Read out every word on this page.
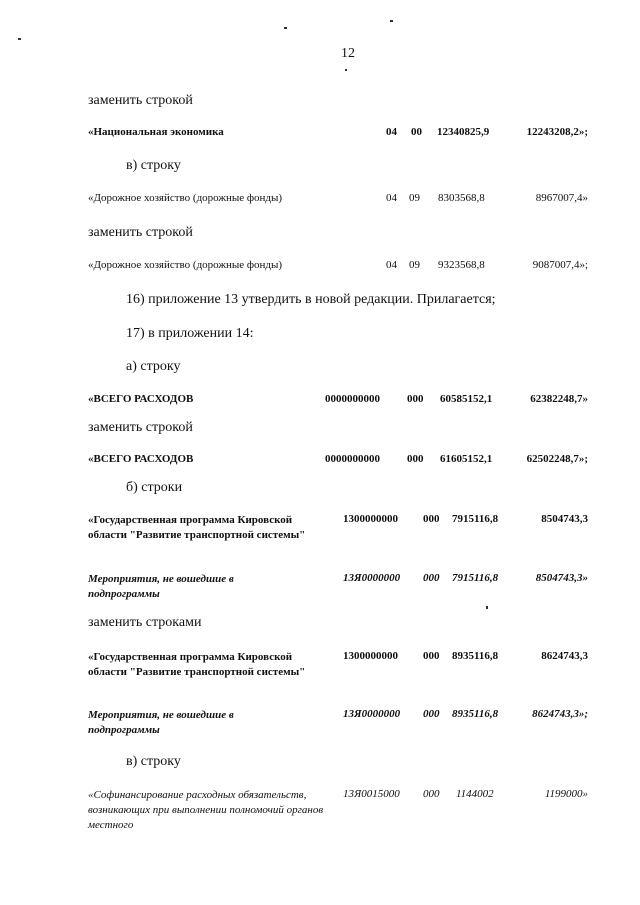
12
заменить строкой
«Национальная экономика	04 00 12340825,9	12243208,2»;
в) строку
«Дорожное хозяйство (дорожные фонды)	04 09 8303568,8	8967007,4»
заменить строкой
«Дорожное хозяйство (дорожные фонды)	04 09 9323568,8	9087007,4»;
16) приложение 13 утвердить в новой редакции. Прилагается;
17) в приложении 14:
а) строку
«ВСЕГО РАСХОДОВ	0000000000 000 60585152,1	62382248,7»
заменить строкой
«ВСЕГО РАСХОДОВ	0000000000 000 61605152,1	62502248,7»;
б) строки
«Государственная программа Кировской области "Развитие транспортной системы"
1300000000 000 7915116,8	8504743,3
Мероприятия, не вошедшие в подпрограммы
13Я0000000 000 7915116,8	8504743,3»
заменить строками
«Государственная программа Кировской области "Развитие транспортной системы"
1300000000 000 8935116,8	8624743,3
Мероприятия, не вошедшие в подпрограммы
13Я0000000 000 8935116,8	8624743,3»;
в) строку
«Софинансирование расходных обязательств, возникающих при выполнении полномочий органов местного
13Я0015000 000 1144002	1199000»
